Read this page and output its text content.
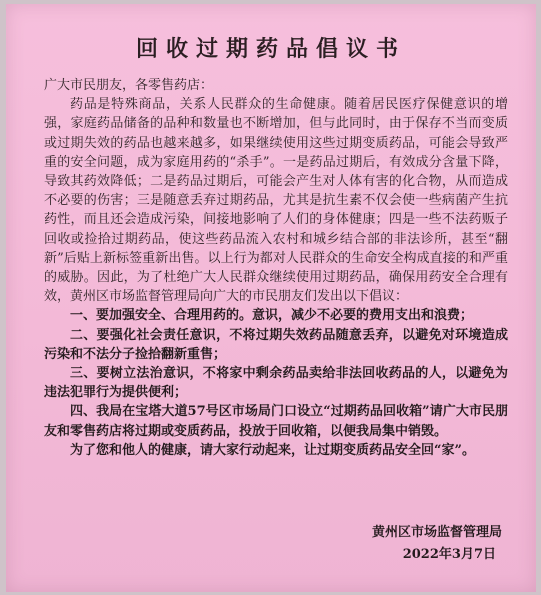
回收过期药品倡议书

广大市民朋友，各零售药店：

药品是特殊商品，关系人民群众的生命健康。随着居民医疗保健意识的增强，家庭药品储备的品种和数量也不断增加，但与此同时，由于保存不当而变质或过期失效的药品也越来越多，如果继续使用这些过期变质药品，可能会导致严重的安全问题，成为家庭用药的“杀手”。一是药品过期后，有效成分含量下降，导致其药效降低；二是药品过期后，可能会产生对人体有害的化合物，从而造成不必要的伤害；三是随意丢弃过期药品，尤其是抗生素不仅会使一些病菌产生抗药性，而且还会造成污染，间接地影响了人们的身体健康；四是一些不法药贩子回收或捡拾过期药品，使这些药品流入农村和城乡结合部的非法诊所，甚至“翻新”后贴上新标签重新出售。以上行为都对人民群众的生命安全构成直接的和严重的威胁。因此，为了杜绝广大人民群众继续使用过期药品，确保用药安全合理有效，黄州区市场监督管理局向广大的市民朋友们发出以下倡议：

一、要加强安全、合理用药的。意识，减少不必要的费用支出和浪费；

二、要强化社会责任意识，不将过期失效药品随意丢弃，以避免对环境造成污染和不法分子捡拾翻新重售；

三、要树立法治意识，不将家中剩余药品卖给非法回收药品的人，以避免为违法犯罪行为提供便利；

四、我局在宝塔大道57号区市场局门口设立“过期药品回收箱”请广大市民朋友和零售药店将过期或变质药品，投放于回收箱，以便我局集中销毁。

为了您和他人的健康，请大家行动起来，让过期变质药品安全回“家”。

黄州区市场监督管理局
2022年3月7日
